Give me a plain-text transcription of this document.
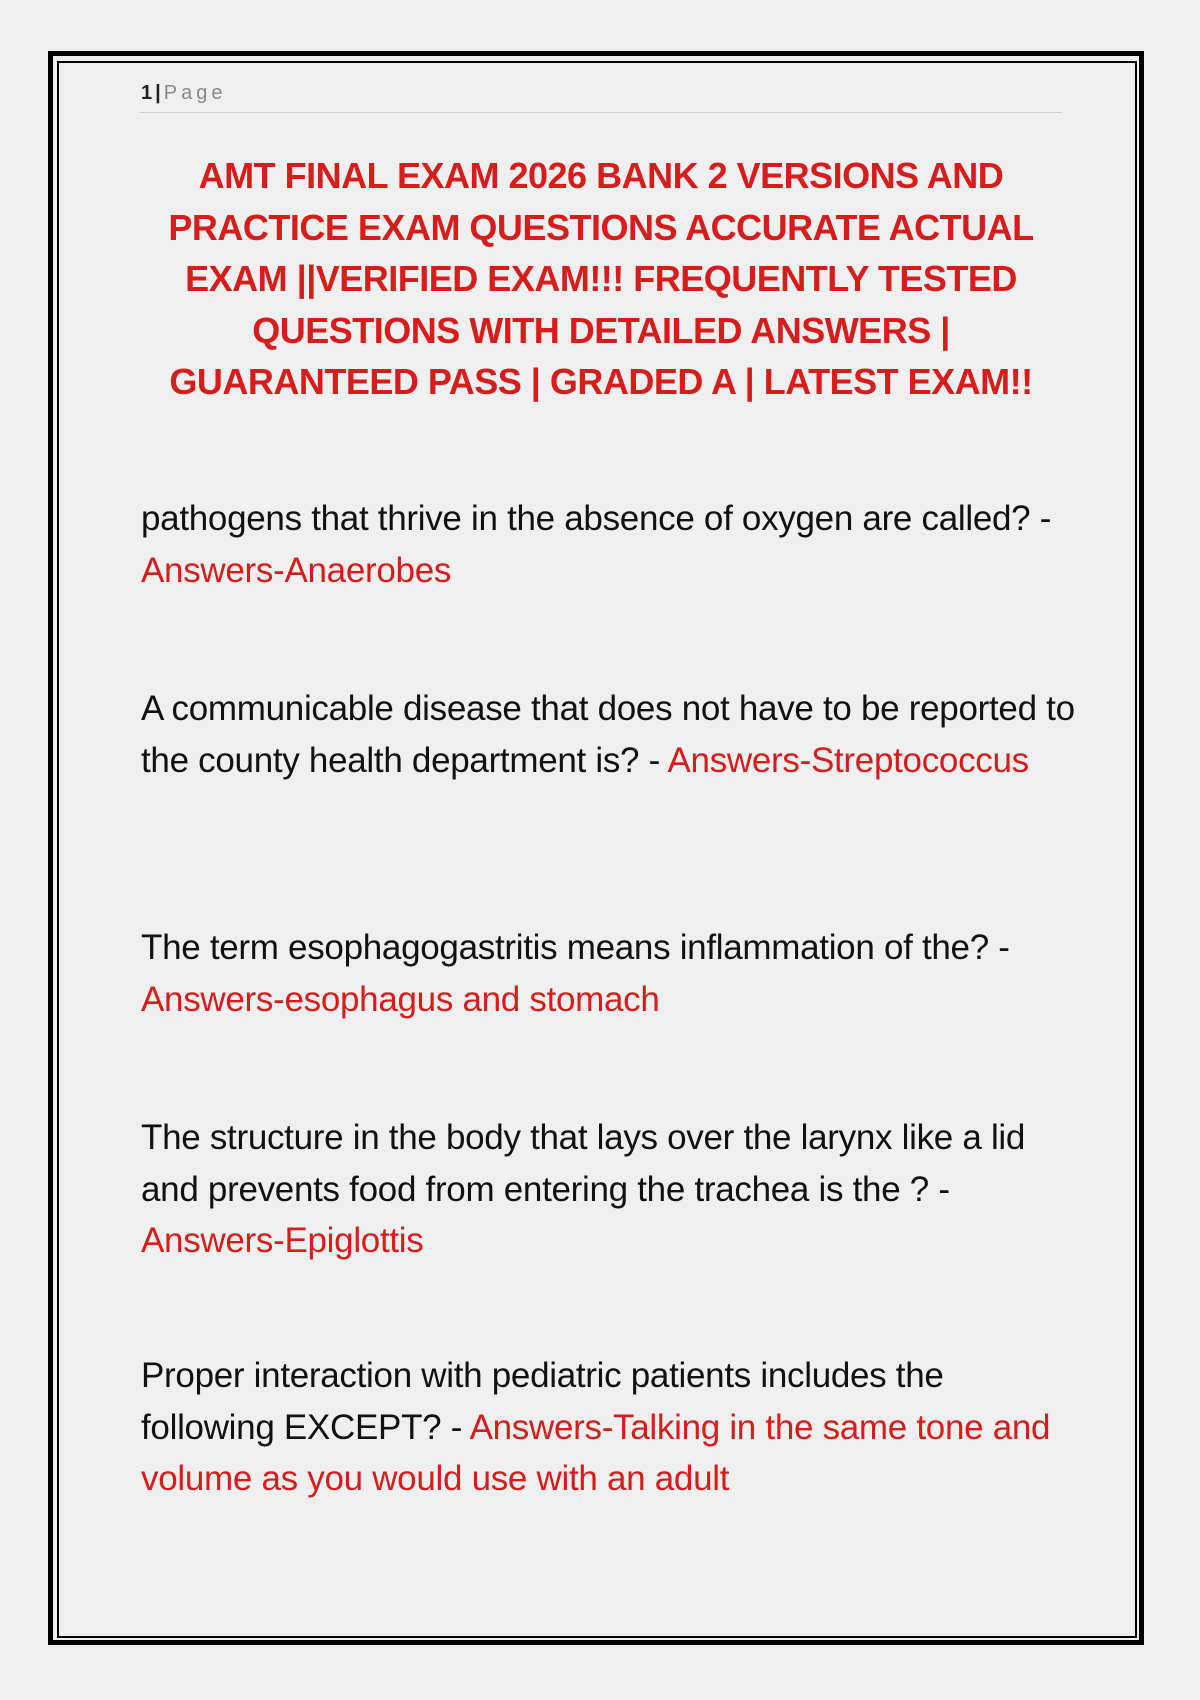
1 | Page
AMT FINAL EXAM 2026 BANK 2 VERSIONS AND PRACTICE EXAM QUESTIONS ACCURATE ACTUAL EXAM ||VERIFIED EXAM!!! FREQUENTLY TESTED QUESTIONS WITH DETAILED ANSWERS | GUARANTEED PASS | GRADED A | LATEST EXAM!!
pathogens that thrive in the absence of oxygen are called? - Answers-Anaerobes
A communicable disease that does not have to be reported to the county health department is? - Answers-Streptococcus
The term esophagogastritis means inflammation of the? - Answers-esophagus and stomach
The structure in the body that lays over the larynx like a lid and prevents food from entering the trachea is the ? - Answers-Epiglottis
Proper interaction with pediatric patients includes the following EXCEPT? - Answers-Talking in the same tone and volume as you would use with an adult
